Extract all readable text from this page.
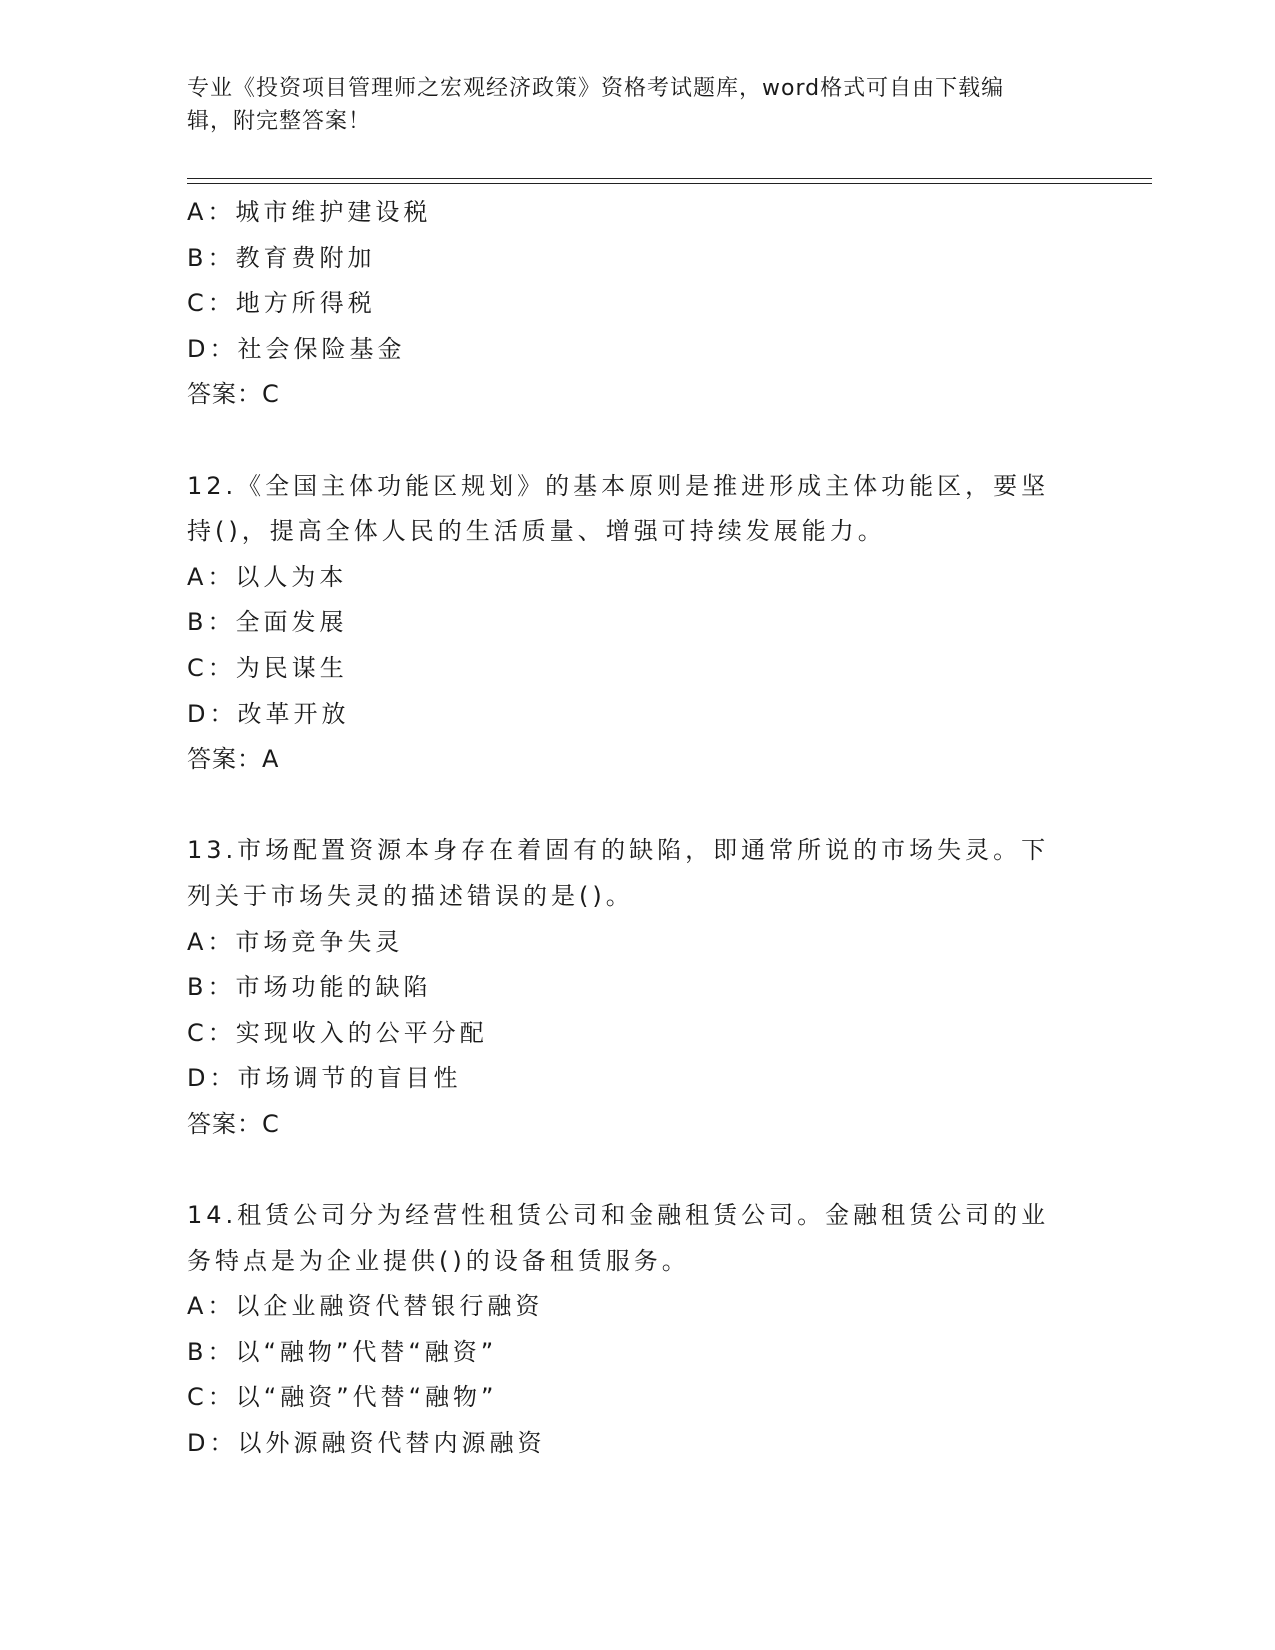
专业《投资项目管理师之宏观经济政策》资格考试题库，word格式可自由下载编
辑，附完整答案！
A：城市维护建设税
B：教育费附加
C：地方所得税
D：社会保险基金
答案：C
12.《全国主体功能区规划》的基本原则是推进形成主体功能区，要坚
持()，提高全体人民的生活质量、增强可持续发展能力。
A：以人为本
B：全面发展
C：为民谋生
D：改革开放
答案：A
13.市场配置资源本身存在着固有的缺陷，即通常所说的市场失灵。下
列关于市场失灵的描述错误的是()。
A：市场竞争失灵
B：市场功能的缺陷
C：实现收入的公平分配
D：市场调节的盲目性
答案：C
14.租赁公司分为经营性租赁公司和金融租赁公司。金融租赁公司的业
务特点是为企业提供()的设备租赁服务。
A：以企业融资代替银行融资
B：以“融物”代替“融资”
C：以“融资”代替“融物”
D：以外源融资代替内源融资
